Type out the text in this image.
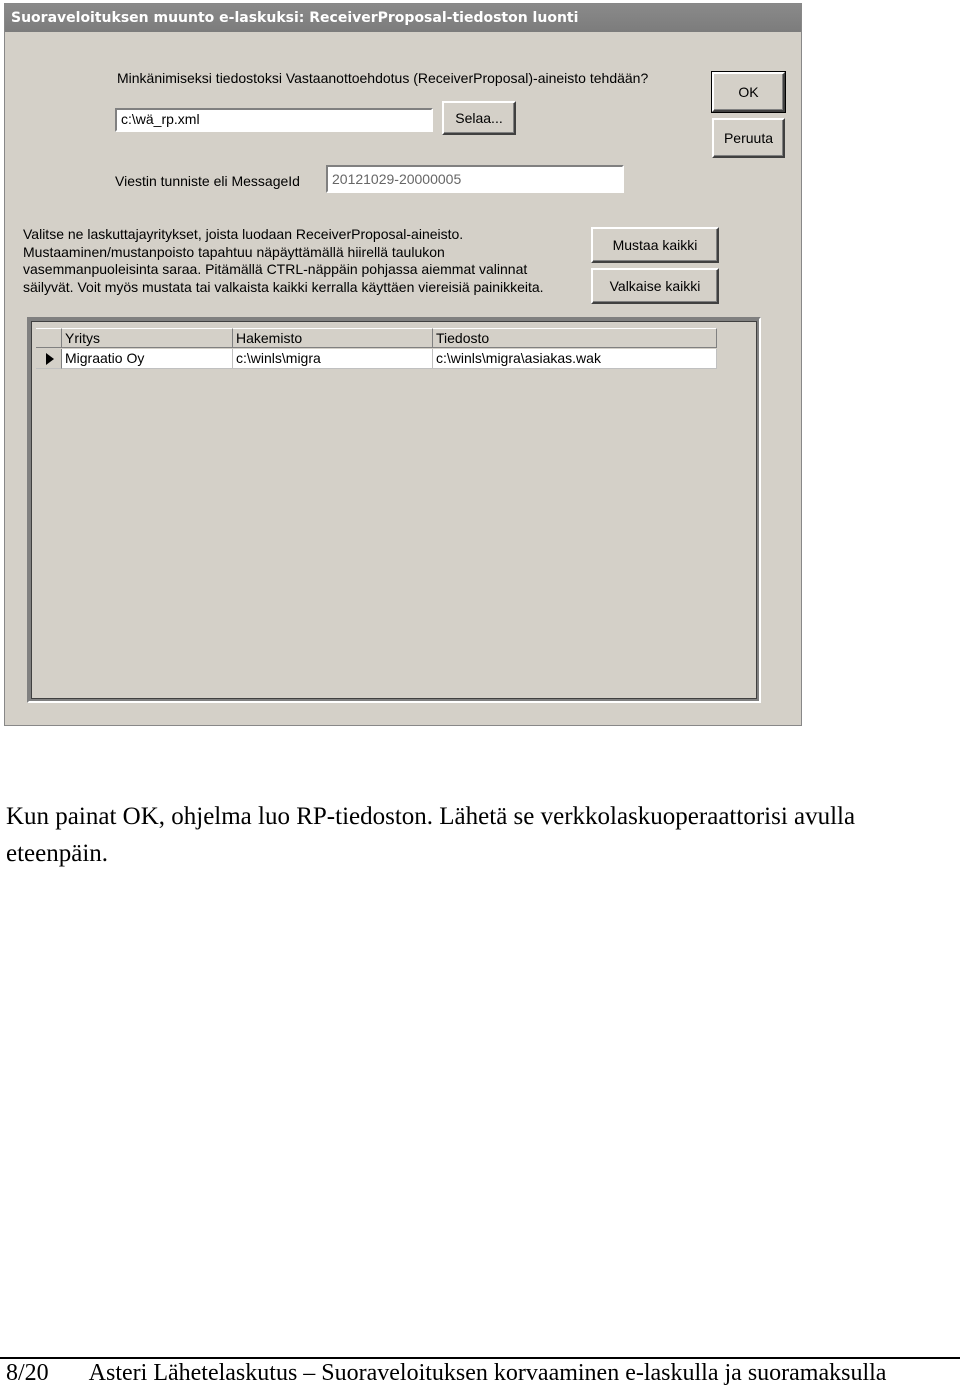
Suoraveloituksen muunto e-laskuksi: ReceiverProposal-tiedoston luonti
Minkänimiseksi tiedostoksi Vastaanottoehdotus (ReceiverProposal)-aineisto tehdään?
c:\wä_rp.xml	Selaa...
OK
Peruuta
Viestin tunniste eli MessageId	20121029-20000005
Valitse ne laskuttajayritykset, joista luodaan ReceiverProposal-aineisto.
Mustaaminen/mustanpoisto tapahtuu näpäyttämällä hiirellä taulukon
vasemmanpuoleisinta saraa. Pitämällä CTRL-näppäin pohjassa aiemmat valinnat
säilyvät. Voit myös mustata tai valkaista kaikki kerralla käyttäen viereisiä painikkeita.
Mustaa kaikki
Valkaise kaikki
Yritys	Hakemisto	Tiedosto
Migraatio Oy	c:\winls\migra	c:\winls\migra\asiakas.wak
Kun painat OK, ohjelma luo RP-tiedoston. Lähetä se verkkolaskuoperaattorisi avulla eteenpäin.
8/20 Asteri Lähetelaskutus – Suoraveloituksen korvaaminen e-laskulla ja suoramaksulla
